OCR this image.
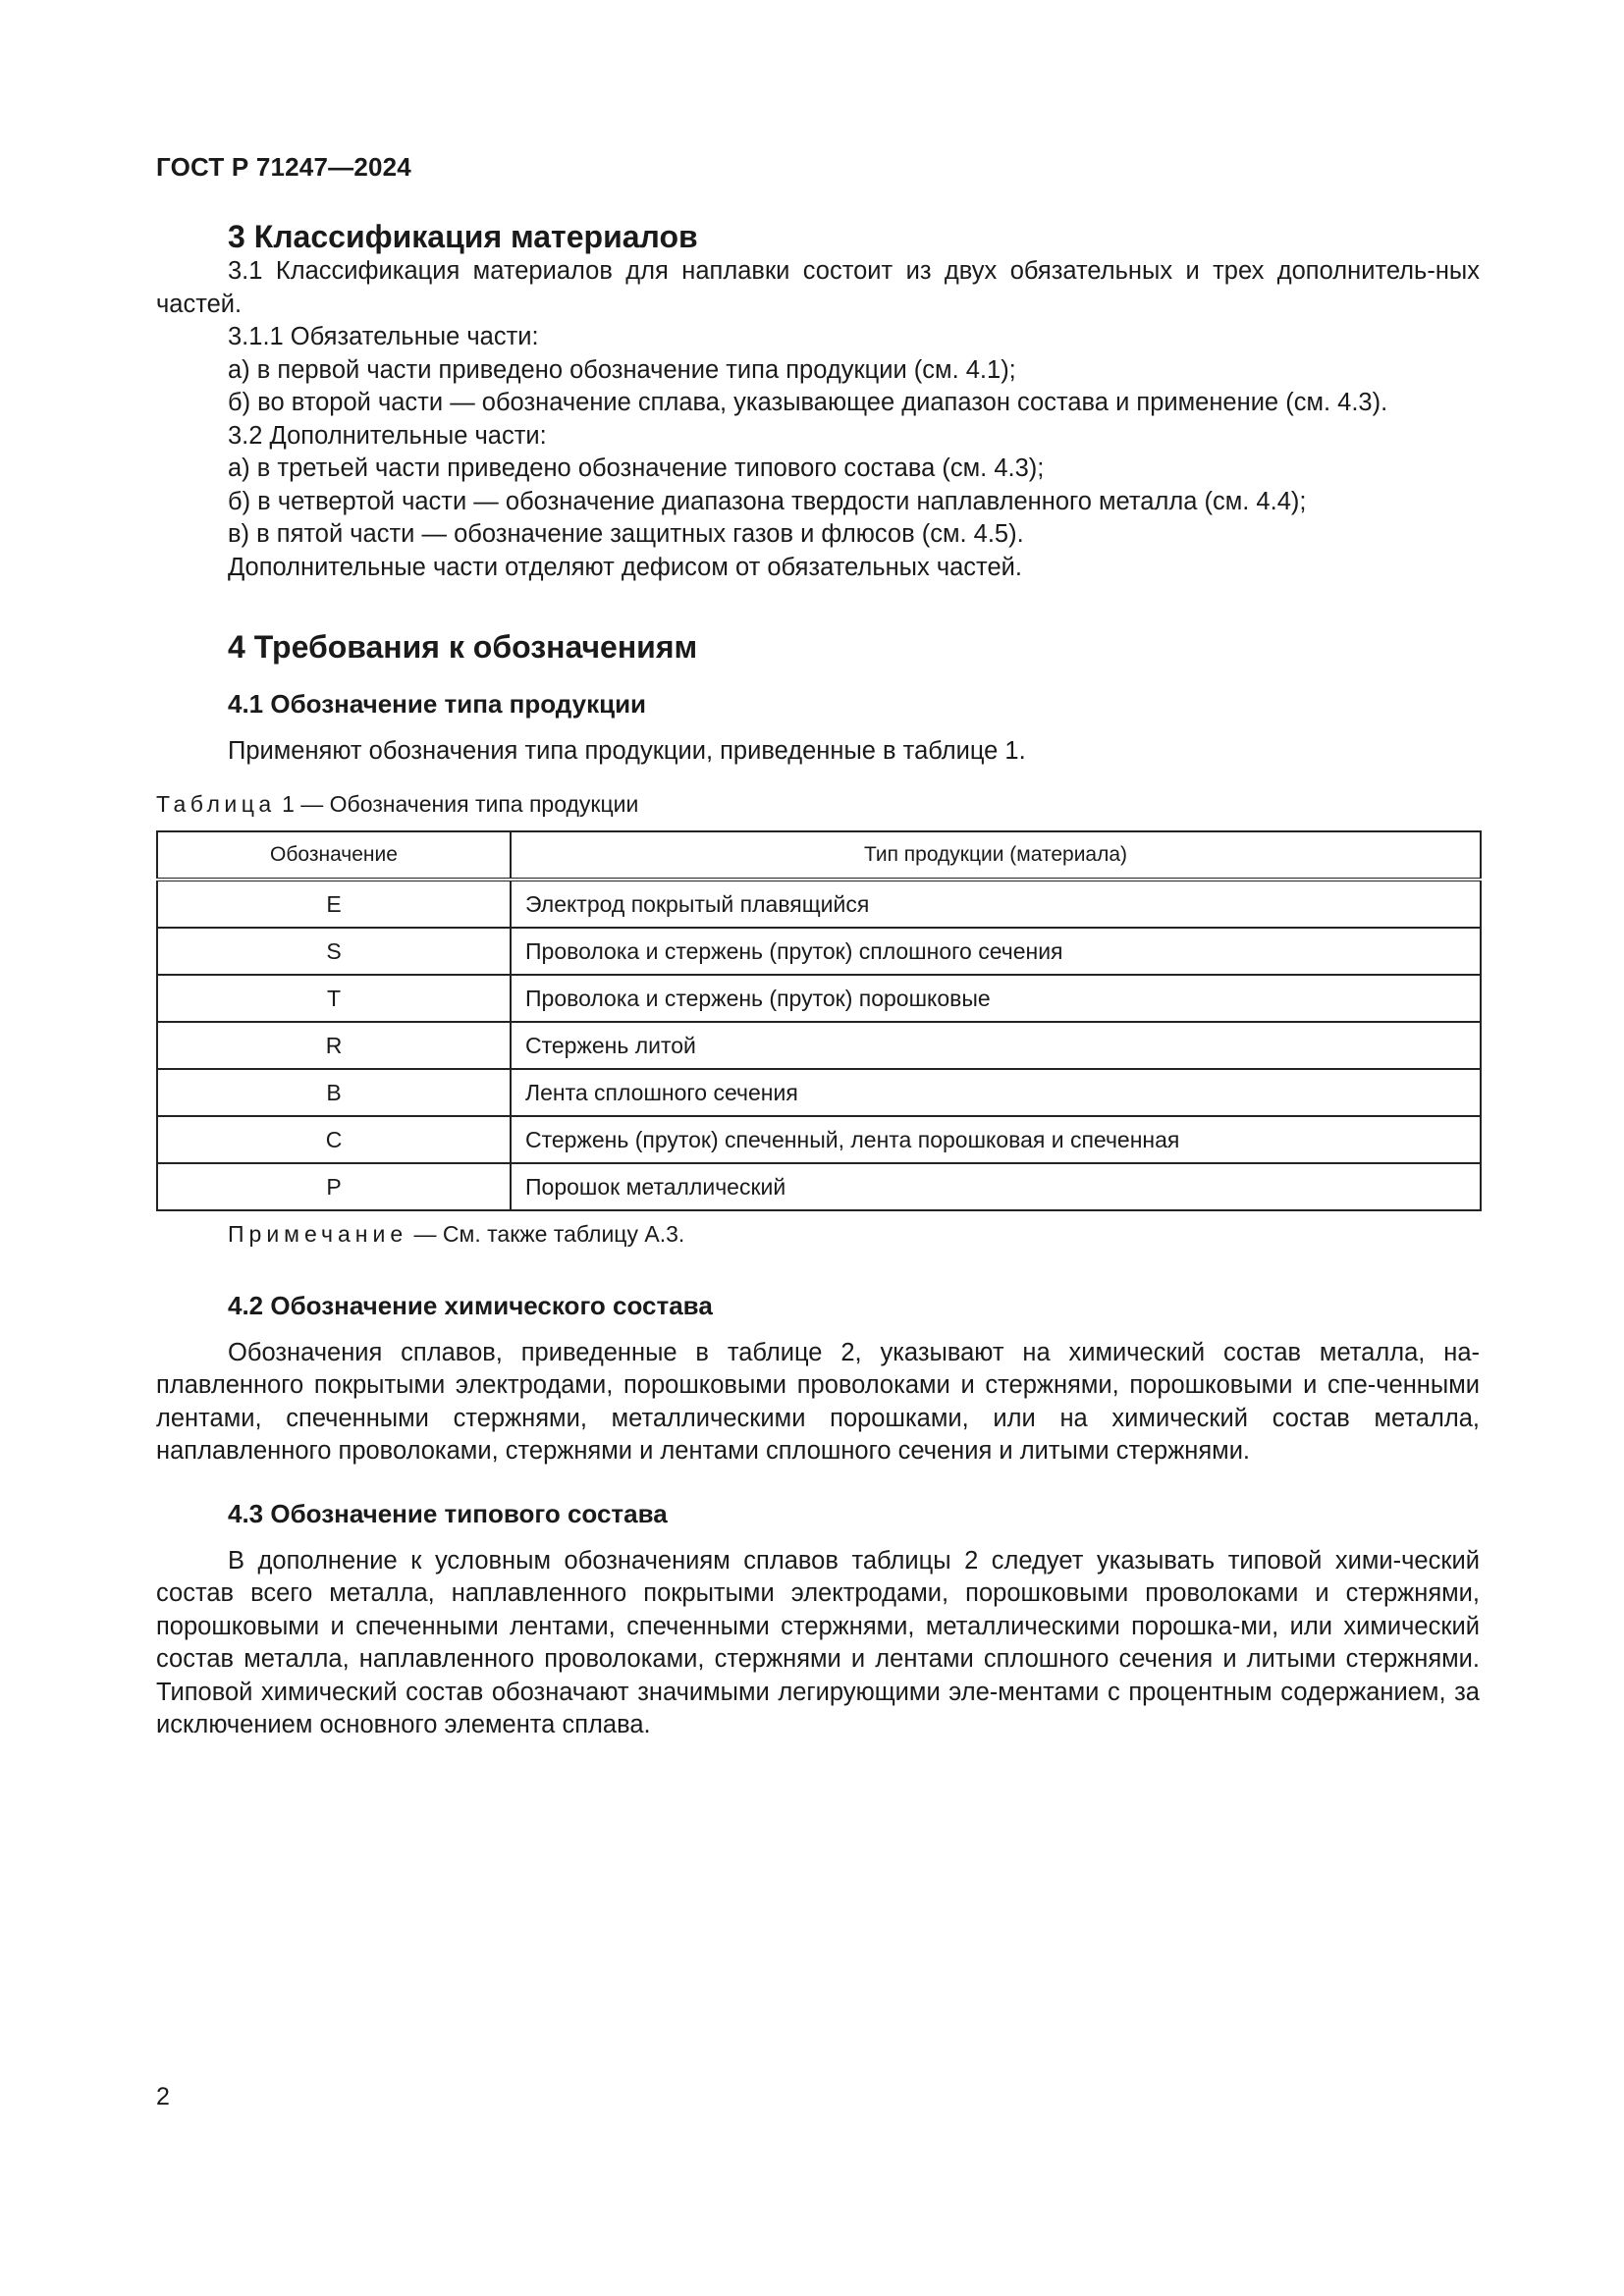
ГОСТ Р 71247—2024
3 Классификация материалов

3.1 Классификация материалов для наплавки состоит из двух обязательных и трех дополнитель-ных частей.

3.1.1 Обязательные части:

а) в первой части приведено обозначение типа продукции (см. 4.1);

б) во второй части — обозначение сплава, указывающее диапазон состава и применение (см. 4.3).

3.2 Дополнительные части:

а) в третьей части приведено обозначение типового состава (см. 4.3);

б) в четвертой части — обозначение диапазона твердости наплавленного металла (см. 4.4);

в) в пятой части — обозначение защитных газов и флюсов (см. 4.5).

Дополнительные части отделяют дефисом от обязательных частей.

4 Требования к обозначениям
4.1 Обозначение типа продукции

Применяют обозначения типа продукции, приведенные в таблице 1.

Таблица 1 — Обозначения типа продукции

Обозначение	Тип продукции (материала)
E	Электрод покрытый плавящийся
S	Проволока и стержень (пруток) сплошного сечения
T	Проволока и стержень (пруток) порошковые
R	Стержень литой
B	Лента сплошного сечения
C	Стержень (пруток) спеченный, лента порошковая и спеченная
P	Порошок металлический

Примечание — См. также таблицу А.3.

4.2 Обозначение химического состава

Обозначения сплавов, приведенные в таблице 2, указывают на химический состав металла, на-плавленного покрытыми электродами, порошковыми проволоками и стержнями, порошковыми и спе-ченными лентами, спеченными стержнями, металлическими порошками, или на химический состав металла, наплавленного проволоками, стержнями и лентами сплошного сечения и литыми стержнями.

4.3 Обозначение типового состава

В дополнение к условным обозначениям сплавов таблицы 2 следует указывать типовой хими-ческий состав всего металла, наплавленного покрытыми электродами, порошковыми проволоками и стержнями, порошковыми и спеченными лентами, спеченными стержнями, металлическими порошка-ми, или химический состав металла, наплавленного проволоками, стержнями и лентами сплошного сечения и литыми стержнями. Типовой химический состав обозначают значимыми легирующими эле-ментами с процентным содержанием, за исключением основного элемента сплава.

2
